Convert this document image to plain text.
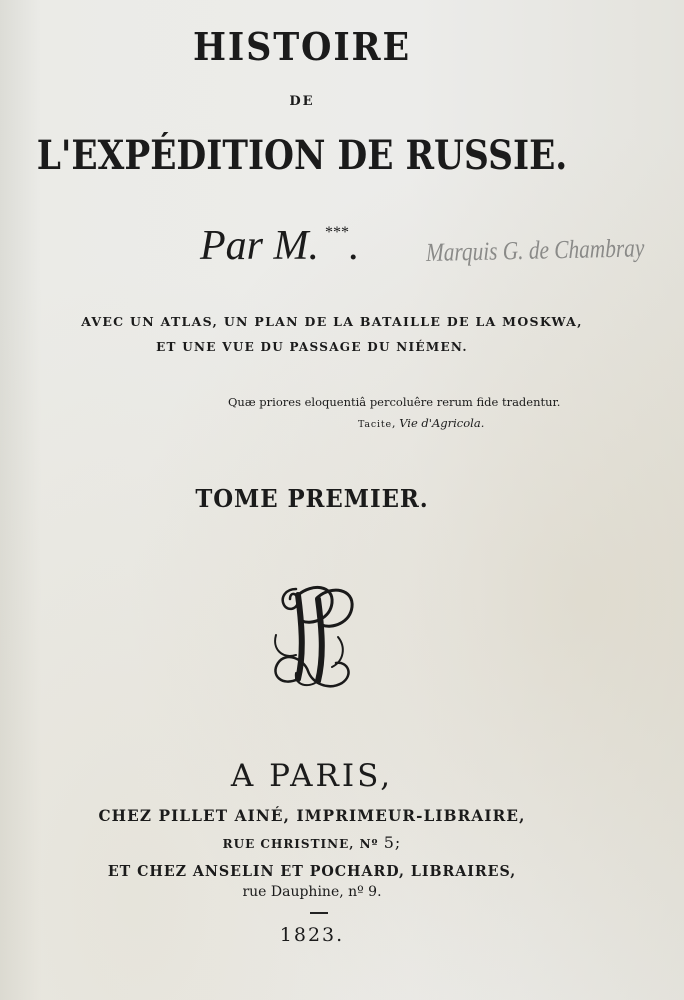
HISTOIRE
DE
L'EXPÉDITION DE RUSSIE.
Par M. ***.	Marquis G. de Chambray
AVEC UN ATLAS, UN PLAN DE LA BATAILLE DE LA MOSKWA,
ET UNE VUE DU PASSAGE DU NIÉMEN.
Quæ priores eloquentiâ percoluêre rerum fide tradentur.
Tacite, Vie d'Agricola.
TOME PREMIER.
A PARIS,
CHEZ PILLET AINÉ, IMPRIMEUR-LIBRAIRE,
RUE CHRISTINE, Nº 5;
ET CHEZ ANSELIN ET POCHARD, LIBRAIRES,
rue Dauphine, nº 9.
1823.
